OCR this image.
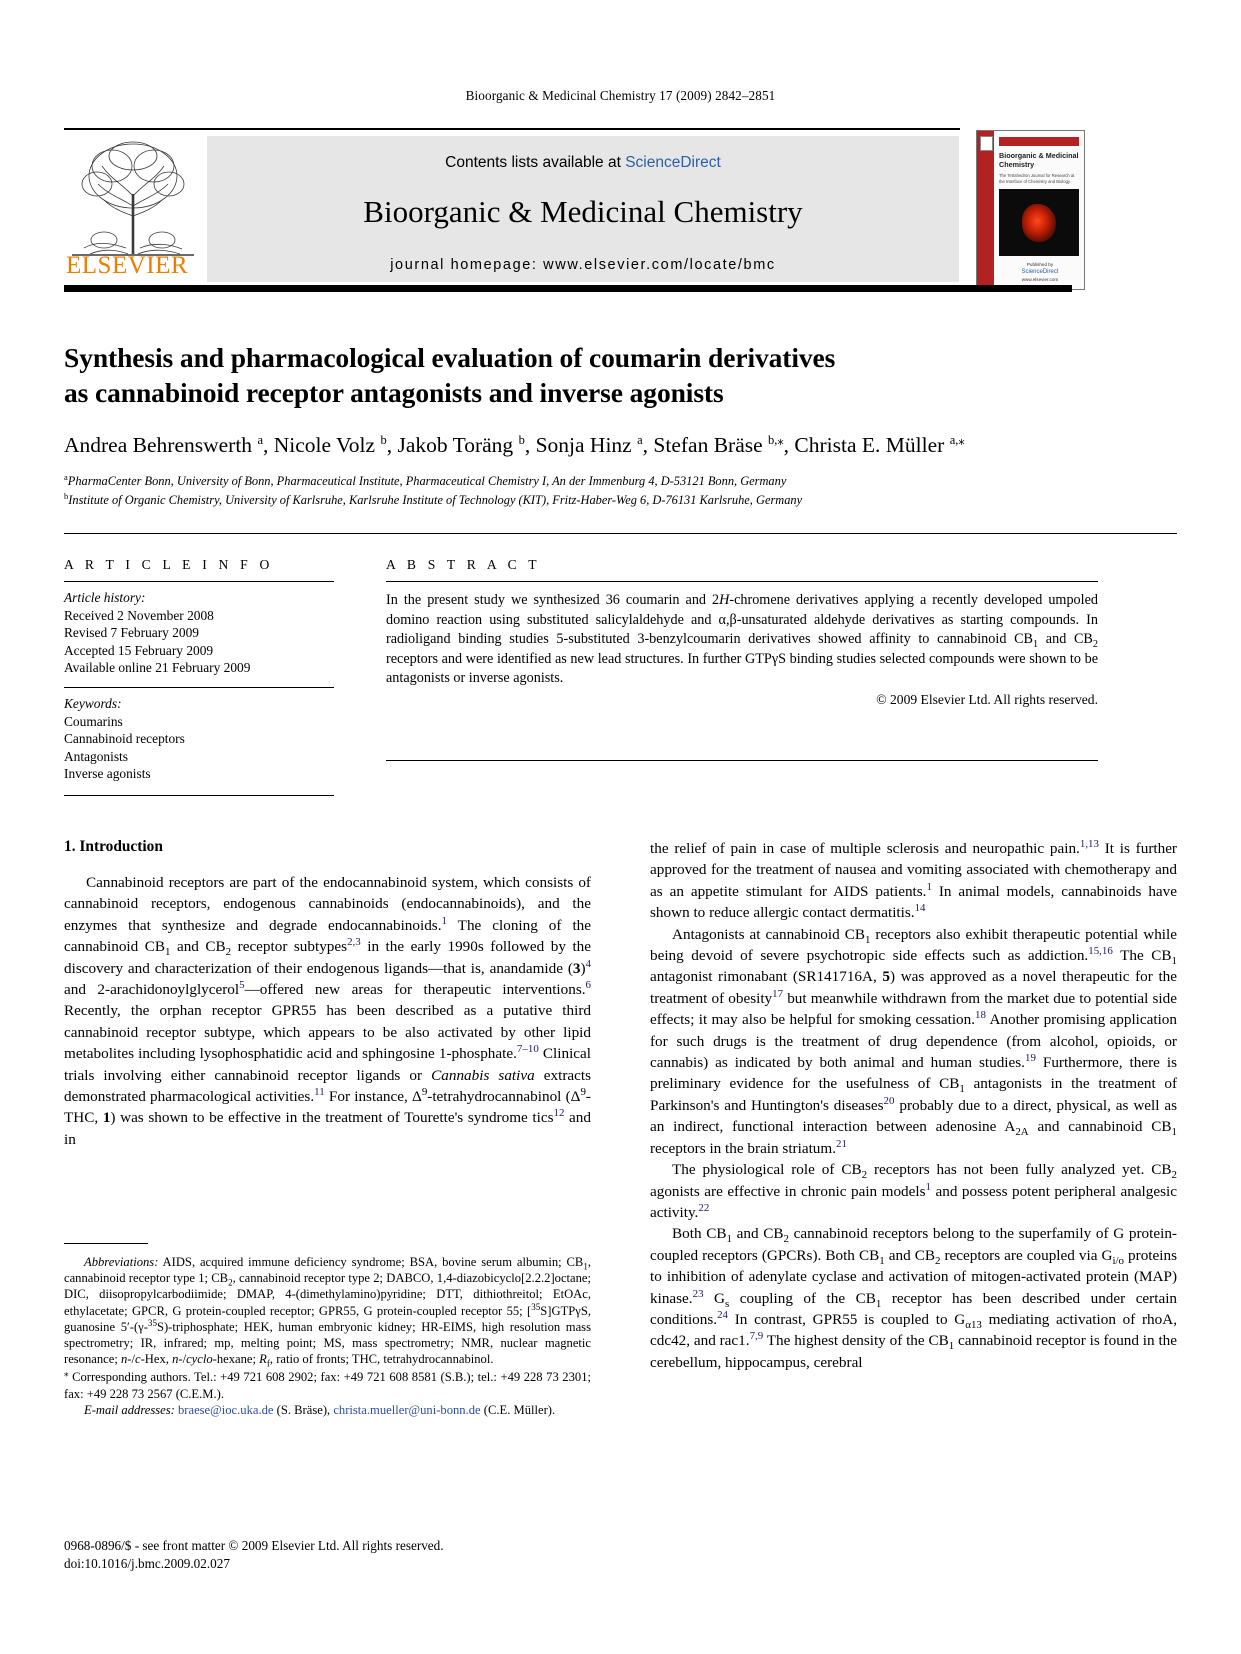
Bioorganic & Medicinal Chemistry 17 (2009) 2842–2851
ELSEVIER
Contents lists available at ScienceDirect
Bioorganic & Medicinal Chemistry
journal homepage: www.elsevier.com/locate/bmc
Bioorganic & Medicinal
Chemistry
The Tetrahedron Journal for Research at the Interface of Chemistry and Biology
Published by
ScienceDirect
www.elsevier.com
Synthesis and pharmacological evaluation of coumarin derivatives
as cannabinoid receptor antagonists and inverse agonists
Andrea Behrenswerth $^a$, Nicole Volz $^b$, Jakob Toräng $^b$, Sonja Hinz $^a$, Stefan Bräse $^{b,⁎}$, Christa E. Müller $^{a,⁎}$
$^a$PharmaCenter Bonn, University of Bonn, Pharmaceutical Institute, Pharmaceutical Chemistry I, An der Immenburg 4, D-53121 Bonn, Germany
$^b$Institute of Organic Chemistry, University of Karlsruhe, Karlsruhe Institute of Technology (KIT), Fritz-Haber-Weg 6, D-76131 Karlsruhe, Germany
A R T I C L E I N F O
Article history:
Received 2 November 2008
Revised 7 February 2009
Accepted 15 February 2009
Available online 21 February 2009
Keywords:
Coumarins
Cannabinoid receptors
Antagonists
Inverse agonists
A B S T R A C T
In the present study we synthesized 36 coumarin and 2H-chromene derivatives applying a recently developed umpoled domino reaction using substituted salicylaldehyde and α,β-unsaturated aldehyde derivatives as starting compounds. In radioligand binding studies 5-substituted 3-benzylcoumarin derivatives showed affinity to cannabinoid $CB_1$ and $CB_2$ receptors and were identified as new lead structures. In further GTPγS binding studies selected compounds were shown to be antagonists or inverse agonists.
© 2009 Elsevier Ltd. All rights reserved.
1. Introduction

Cannabinoid receptors are part of the endocannabinoid system, which consists of cannabinoid receptors, endogenous cannabinoids (endocannabinoids), and the enzymes that synthesize and degrade endocannabinoids.$^1$ The cloning of the cannabinoid $CB_1$ and $CB_2$ receptor subtypes$^{2,3}$ in the early 1990s followed by the discovery and characterization of their endogenous ligands—that is, anandamide (3)$^4$ and 2-arachidonoylglycerol$^5$—offered new areas for therapeutic interventions.$^6$ Recently, the orphan receptor GPR55 has been described as a putative third cannabinoid receptor subtype, which appears to be also activated by other lipid metabolites including lysophosphatidic acid and sphingosine 1-phosphate.$^{7-10}$ Clinical trials involving either cannabinoid receptor ligands or Cannabis sativa extracts demonstrated pharmacological activities.$^{11}$ For instance, $\Delta^9$-tetrahydrocannabinol ($\Delta^9$-THC, 1) was shown to be effective in the treatment of Tourette's syndrome tics$^{12}$ and in

the relief of pain in case of multiple sclerosis and neuropathic pain.$^{1,13}$ It is further approved for the treatment of nausea and vomiting associated with chemotherapy and as an appetite stimulant for AIDS patients.$^1$ In animal models, cannabinoids have shown to reduce allergic contact dermatitis.$^{14}$

Antagonists at cannabinoid $CB_1$ receptors also exhibit therapeutic potential while being devoid of severe psychotropic side effects such as addiction.$^{15,16}$ The $CB_1$ antagonist rimonabant (SR141716A, 5) was approved as a novel therapeutic for the treatment of obesity$^{17}$ but meanwhile withdrawn from the market due to potential side effects; it may also be helpful for smoking cessation.$^{18}$ Another promising application for such drugs is the treatment of drug dependence (from alcohol, opioids, or cannabis) as indicated by both animal and human studies.$^{19}$ Furthermore, there is preliminary evidence for the usefulness of $CB_1$ antagonists in the treatment of Parkinson's and Huntington's diseases$^{20}$ probably due to a direct, physical, as well as an indirect, functional interaction between adenosine $A_{2A}$ and cannabinoid $CB_1$ receptors in the brain striatum.$^{21}$

The physiological role of $CB_2$ receptors has not been fully analyzed yet. $CB_2$ agonists are effective in chronic pain models$^1$ and possess potent peripheral analgesic activity.$^{22}$

Both $CB_1$ and $CB_2$ cannabinoid receptors belong to the superfamily of G protein-coupled receptors (GPCRs). Both $CB_1$ and $CB_2$ receptors are coupled via $G_{i/o}$ proteins to inhibition of adenylate cyclase and activation of mitogen-activated protein (MAP) kinase.$^{23}$ $G_s$ coupling of the $CB_1$ receptor has been described under certain conditions.$^{24}$ In contrast, GPR55 is coupled to $G_{\alpha 13}$ mediating activation of rhoA, cdc42, and rac1.$^{7,9}$ The highest density of the $CB_1$ cannabinoid receptor is found in the cerebellum, hippocampus, cerebral

Abbreviations: AIDS, acquired immune deficiency syndrome; BSA, bovine serum albumin; $CB_1$, cannabinoid receptor type 1; $CB_2$, cannabinoid receptor type 2; DABCO, 1,4-diazobicyclo[2.2.2]octane; DIC, diisopropylcarbodiimide; DMAP, 4-(dimethylamino)pyridine; DTT, dithiothreitol; EtOAc, ethylacetate; GPCR, G protein-coupled receptor; GPR55, G protein-coupled receptor 55; [$^{35}$S]GTPγS, guanosine 5′-(γ-$^{35}$S)-triphosphate; HEK, human embryonic kidney; HR-EIMS, high resolution mass spectrometry; IR, infrared; mp, melting point; MS, mass spectrometry; NMR, nuclear magnetic resonance; n-/c-Hex, n-/cyclo-hexane; $R_f$, ratio of fronts; THC, tetrahydrocannabinol.

⁎ Corresponding authors. Tel.: +49 721 608 2902; fax: +49 721 608 8581 (S.B.); tel.: +49 228 73 2301; fax: +49 228 73 2567 (C.E.M.).

E-mail addresses: braese@ioc.uka.de (S. Bräse), christa.mueller@uni-bonn.de (C.E. Müller).

0968-0896/$ - see front matter © 2009 Elsevier Ltd. All rights reserved.
doi:10.1016/j.bmc.2009.02.027
